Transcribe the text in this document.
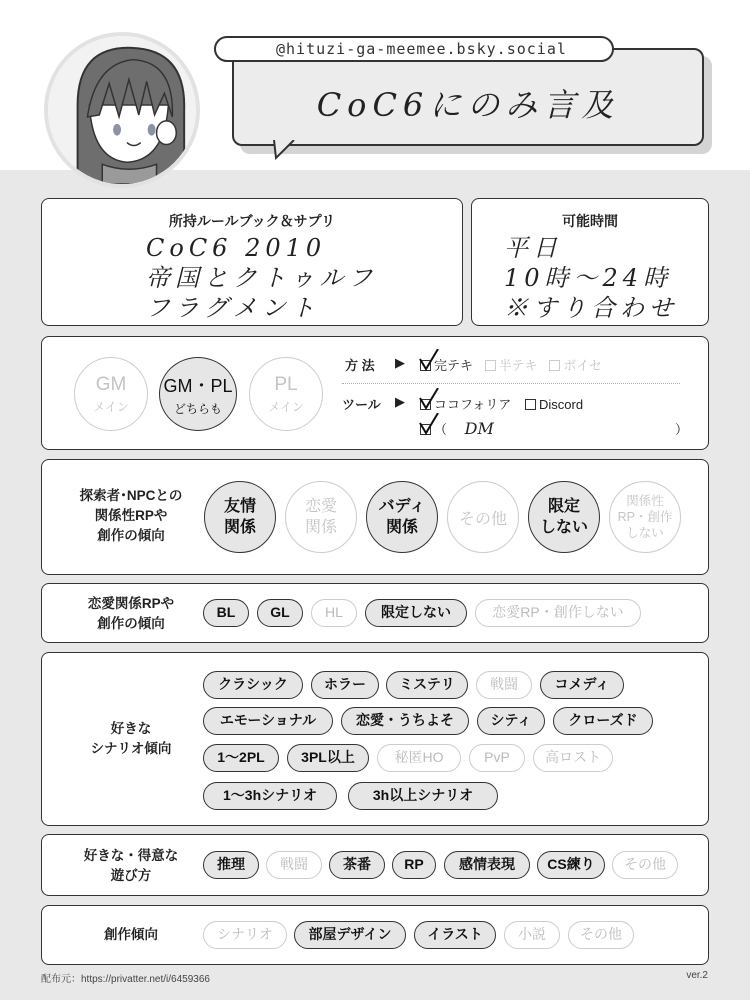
CoC6にのみ言及
@hituzi-ga-meemee.bsky.social
所持ルールブック＆サプリ
CoC6 2010
帝国とクトゥルフ
フラグメント
可能時間
平日
10時〜24時
※すり合わせ
GM
メイン
GM・PL
どちらも
PL
メイン
方 法 ▶	完テキ 半テキ ボイセ
ツール ▶	ココフォリア Discord
（ DM	）
探索者･NPCとの
関係性RPや
創作の傾向
友情
関係
恋愛
関係
バディ
関係	その他
限定
しない
関係性
RP・創作
しない
恋愛関係RPや
創作の傾向
BL	GL	HL	限定しない	恋愛RP・創作しない
好きな
シナリオ傾向
クラシック	ホラー	ミステリ	戦闘	コメディ
エモーショナル	恋愛・うちよそ	シティ	クローズド
1〜2PL	3PL以上	秘匿HO	PvP	高ロスト
1〜3hシナリオ	3h以上シナリオ
好きな・得意な
遊び方
推理	戦闘	茶番	RP	感情表現	CS練り	その他
創作傾向	シナリオ	部屋デザイン	イラスト	小説	その他
配布元：https://privatter.net/i/6459366	ver.2
